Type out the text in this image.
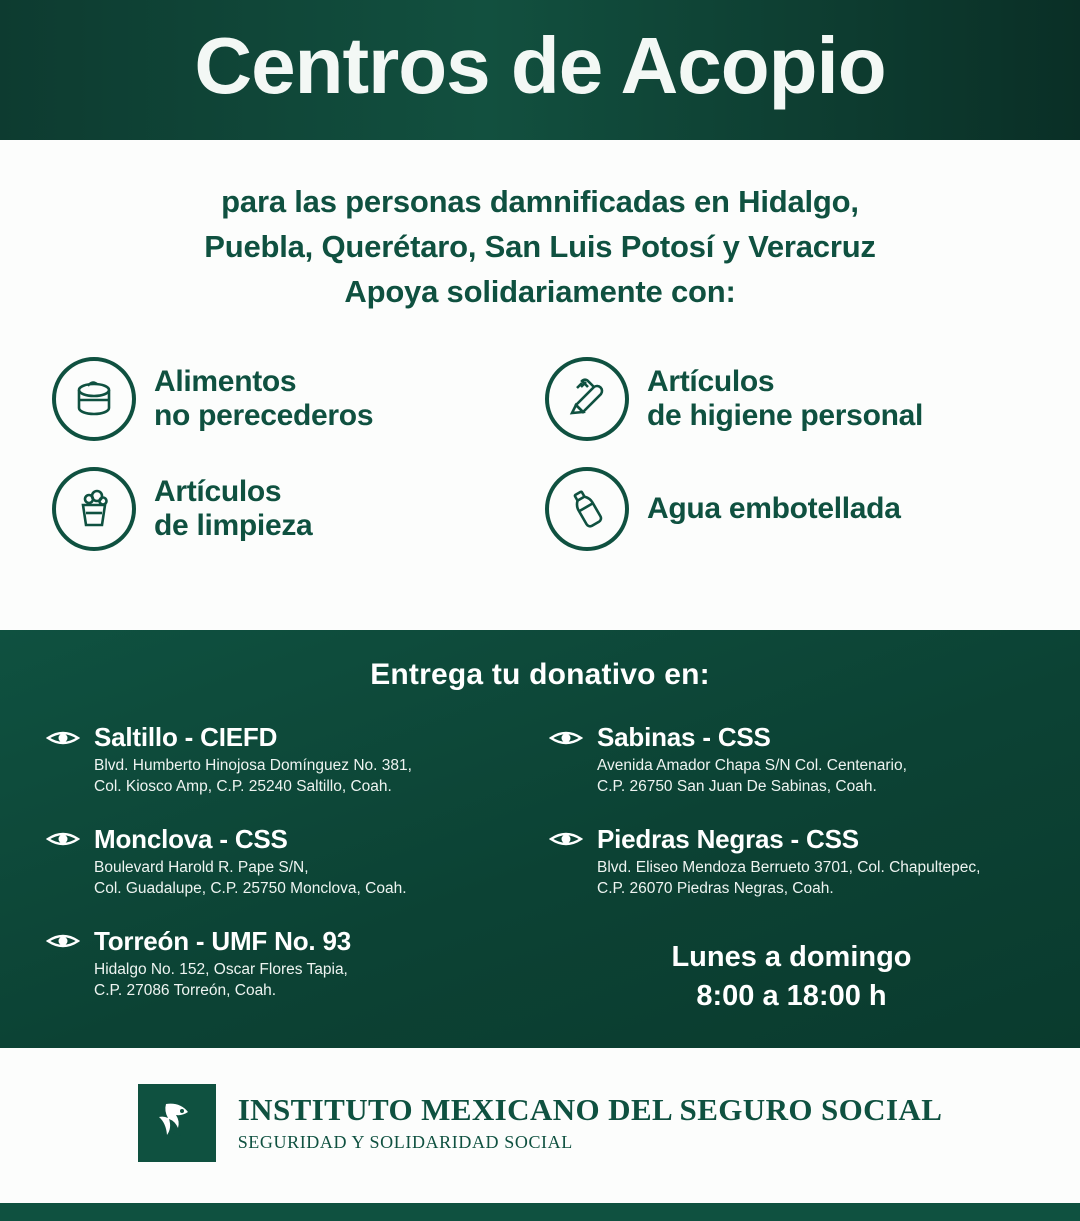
Centros de Acopio
para las personas damnificadas en Hidalgo,
Puebla, Querétaro, San Luis Potosí y Veracruz
Apoya solidariamente con:
Alimentos
no perecederos
Artículos
de higiene personal
Artículos
de limpieza
Agua embotellada
Entrega tu donativo en:
Saltillo - CIEFD
Blvd. Humberto Hinojosa Domínguez No. 381,
Col. Kiosco Amp, C.P. 25240 Saltillo, Coah.
Sabinas - CSS
Avenida Amador Chapa S/N Col. Centenario,
C.P. 26750 San Juan De Sabinas, Coah.
Monclova - CSS
Boulevard Harold R. Pape S/N,
Col. Guadalupe, C.P. 25750 Monclova, Coah.
Piedras Negras - CSS
Blvd. Eliseo Mendoza Berrueto 3701, Col. Chapultepec,
C.P. 26070 Piedras Negras, Coah.
Torreón - UMF No. 93
Hidalgo No. 152, Oscar Flores Tapia,
C.P. 27086 Torreón, Coah.
Lunes a domingo
8:00 a 18:00 h
INSTITUTO MEXICANO DEL SEGURO SOCIAL
SEGURIDAD Y SOLIDARIDAD SOCIAL
